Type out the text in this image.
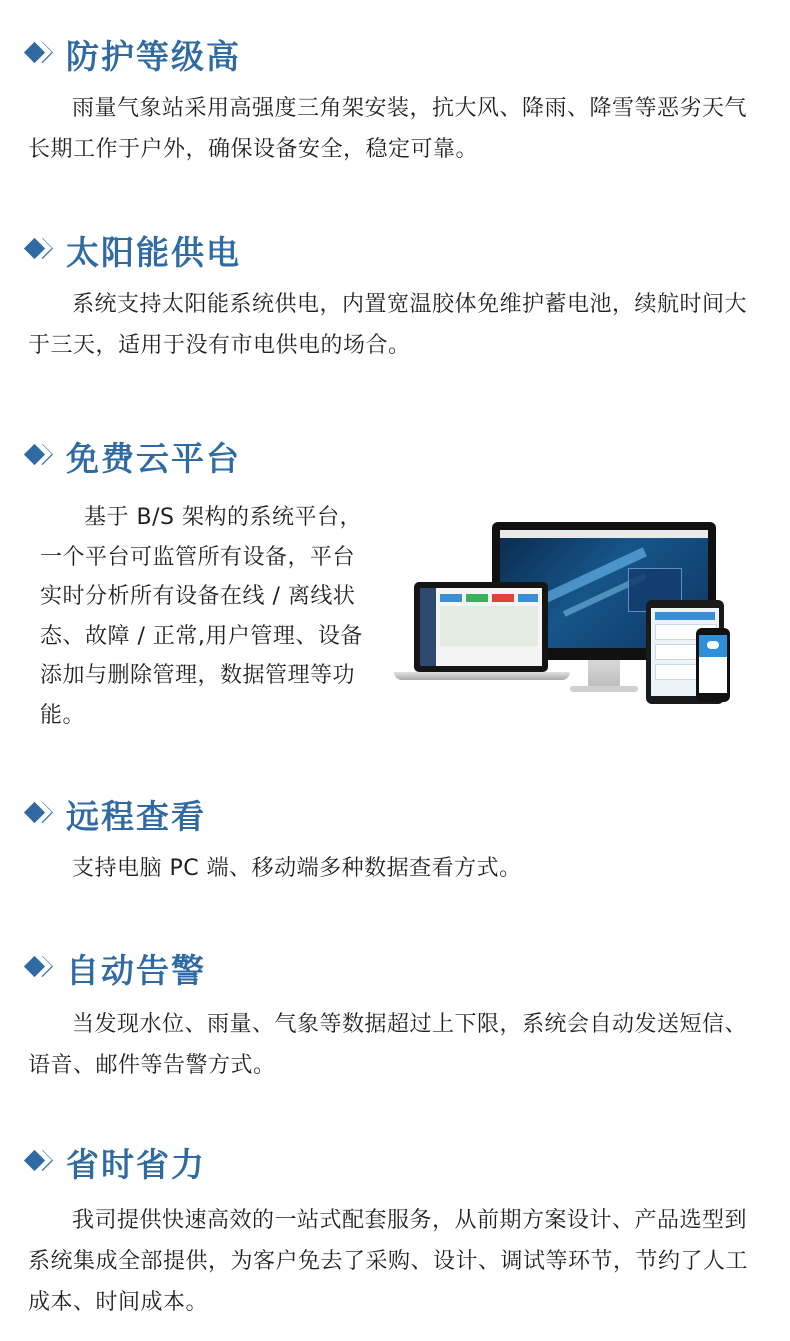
防护等级高

雨量气象站采用高强度三角架安装，抗大风、降雨、降雪等恶劣天气长期工作于户外，确保设备安全，稳定可靠。

太阳能供电

系统支持太阳能系统供电，内置宽温胶体免维护蓄电池，续航时间大于三天，适用于没有市电供电的场合。

免费云平台

基于 B/S 架构的系统平台，一个平台可监管所有设备，平台实时分析所有设备在线 / 离线状态、故障 / 正常,用户管理、设备添加与删除管理，数据管理等功能。

远程查看

支持电脑 PC 端、移动端多种数据查看方式。

自动告警

当发现水位、雨量、气象等数据超过上下限，系统会自动发送短信、语音、邮件等告警方式。

省时省力

我司提供快速高效的一站式配套服务，从前期方案设计、产品选型到系统集成全部提供，为客户免去了采购、设计、调试等环节，节约了人工成本、时间成本。
